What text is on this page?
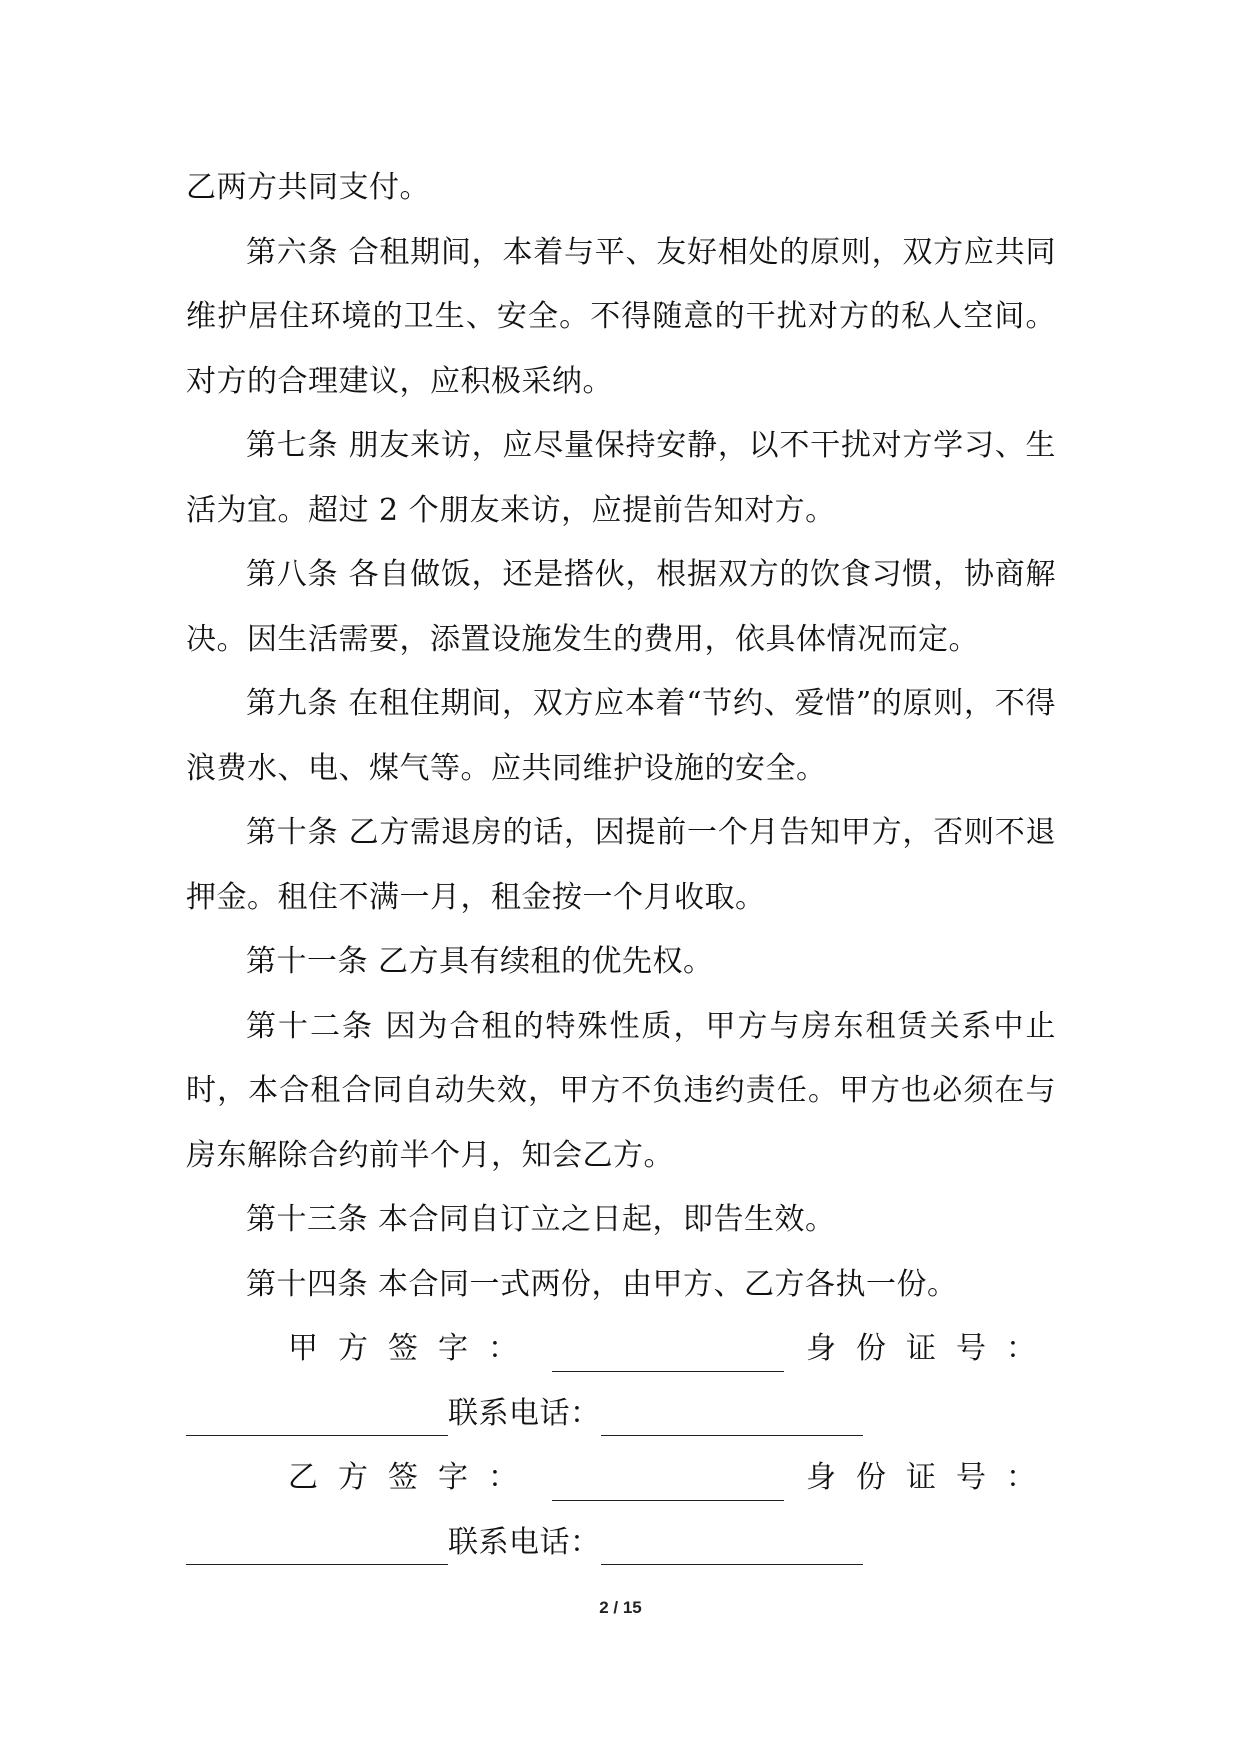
乙两方共同支付。

第六条 合租期间，本着与平、友好相处的原则，双方应共同维护居住环境的卫生、安全。不得随意的干扰对方的私人空间。对方的合理建议，应积极采纳。

第七条 朋友来访，应尽量保持安静，以不干扰对方学习、生活为宜。超过 2 个朋友来访，应提前告知对方。

第八条 各自做饭，还是搭伙，根据双方的饮食习惯，协商解决。因生活需要，添置设施发生的费用，依具体情况而定。

第九条 在租住期间，双方应本着“节约、爱惜”的原则，不得浪费水、电、煤气等。应共同维护设施的安全。

第十条 乙方需退房的话，因提前一个月告知甲方，否则不退押金。租住不满一月，租金按一个月收取。

第十一条 乙方具有续租的优先权。

第十二条 因为合租的特殊性质，甲方与房东租赁关系中止时，本合租合同自动失效，甲方不负违约责任。甲方也必须在与房东解除合约前半个月，知会乙方。

第十三条 本合同自订立之日起，即告生效。

第十四条 本合同一式两份，由甲方、乙方各执一份。

甲方签字：	身份证号：
联系电话：
乙方签字：	身份证号：
联系电话：
2 / 15
